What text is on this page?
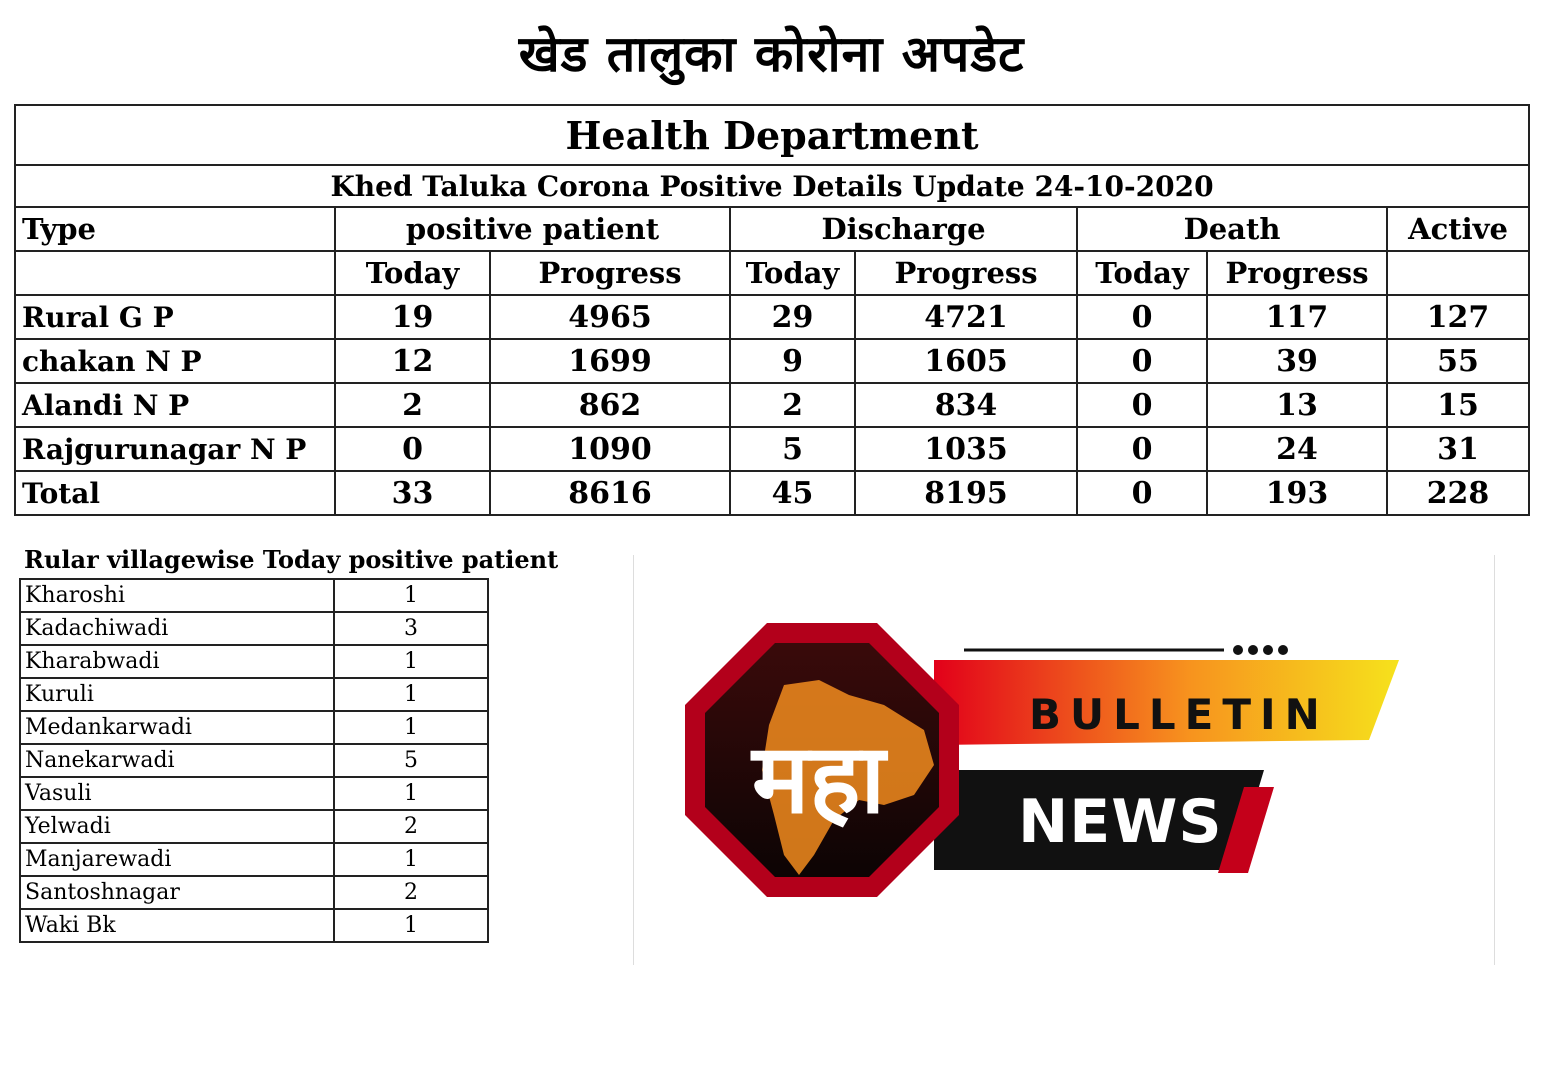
खेड तालुका कोरोना अपडेट
Health Department							
Khed Taluka Corona Positive Details Update 24-10-2020							
Type	positive patient		Discharge		Death		Active
	Today	Progress	Today	Progress	Today	Progress	
Rural G P	19	4965	29	4721	0	117	127
chakan N P	12	1699	9	1605	0	39	55
Alandi N P	2	862	2	834	0	13	15
Rajgurunagar N P	0	1090	5	1035	0	24	31
Total	33	8616	45	8195	0	193	228
Rular villagewise Today positive patient
Kharoshi	1
Kadachiwadi	3
Kharabwadi	1
Kuruli	1
Medankarwadi	1
Nanekarwadi	5
Vasuli	1
Yelwadi	2
Manjarewadi	1
Santoshnagar	2
Waki Bk	1
महा
BULLETIN
NEWS
